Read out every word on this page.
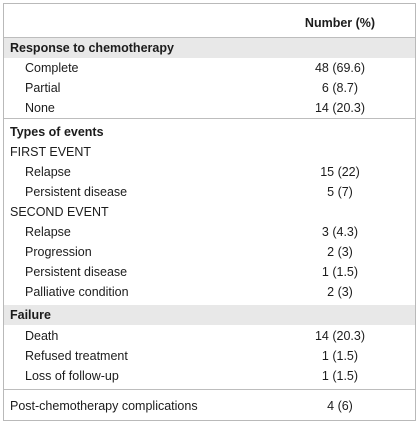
Number (%)
Response to chemotherapy
Complete	48 (69.6)
Partial	6 (8.7)
None	14 (20.3)
Types of events
FIRST EVENT
Relapse	15 (22)
Persistent disease	5 (7)
SECOND EVENT
Relapse	3 (4.3)
Progression	2 (3)
Persistent disease	1 (1.5)
Palliative condition	2 (3)
Failure
Death	14 (20.3)
Refused treatment	1 (1.5)
Loss of follow-up	1 (1.5)
Post-chemotherapy complications	4 (6)
